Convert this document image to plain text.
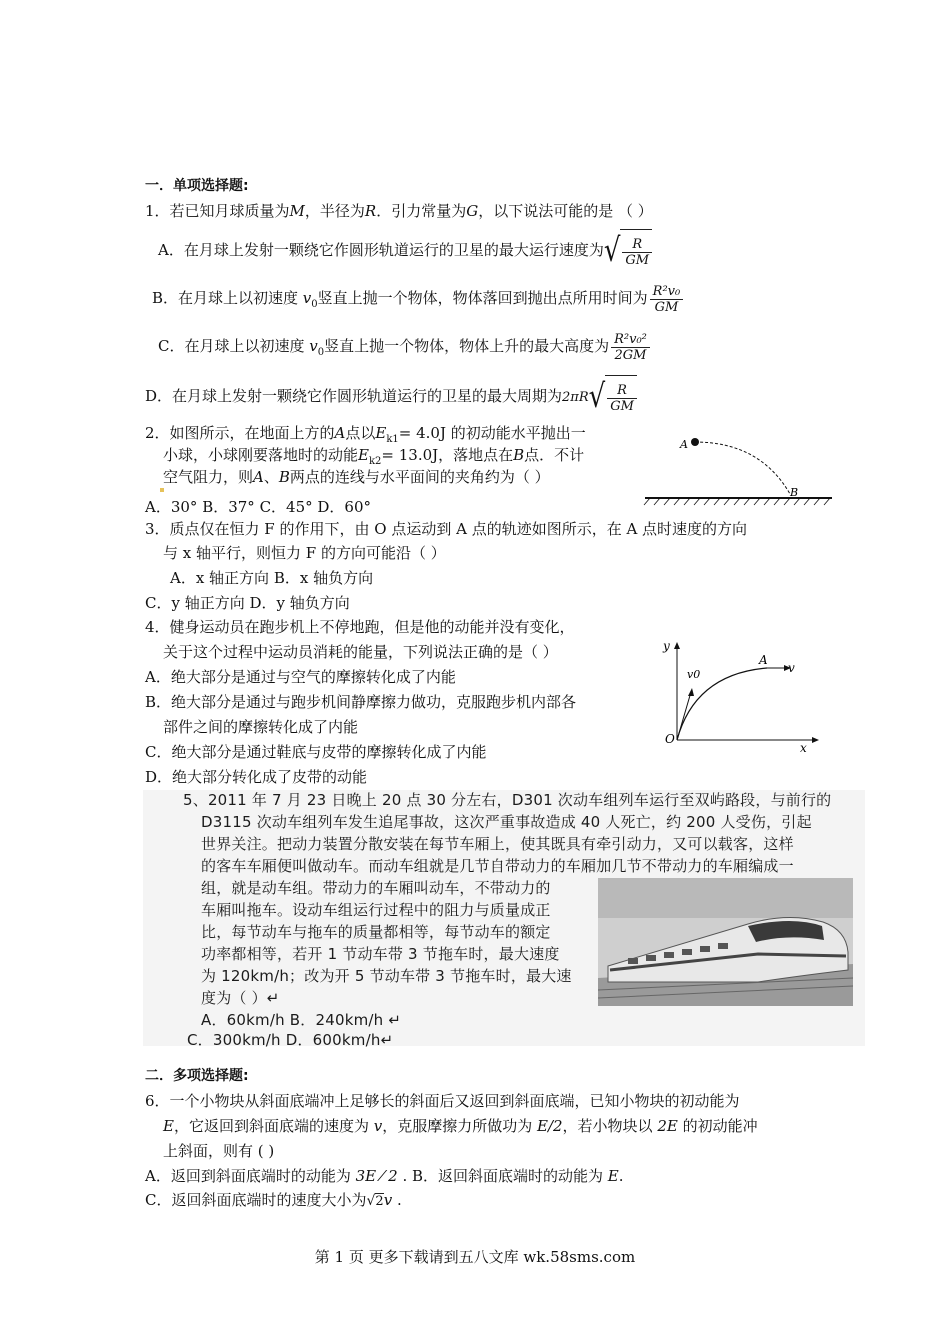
一．单项选择题:
1．若已知月球质量为M，半径为R．引力常量为G，以下说法可能的是 （ ）
A．在月球上发射一颗绕它作圆形轨道运行的卫星的最大运行速度为√ $\frac{R}{GM}$
B．在月球上以初速度 $v_0$竖直上抛一个物体，物体落回到抛出点所用时间为 $\frac{\text{R²v₀}}{GM}$
C．在月球上以初速度 $v_0$竖直上抛一个物体，物体上升的最大高度为 $\frac{\text{R²v₀²}}{2GM}$
D．在月球上发射一颗绕它作圆形轨道运行的卫星的最大周期为$2\pi R√ \frac{R}{GM}$
2．如图所示，在地面上方的A点以$E_{k1}= 4.0J$ 的初动能水平抛出一
小球，小球刚要落地时的动能$E_{k2}= 13.0J$，落地点在B点．不计
空气阻力，则A、B两点的连线与水平面间的夹角约为（ ）
A．30° B．37° C．45° D．60°
A
B
3．质点仅在恒力 F 的作用下，由 O 点运动到 A 点的轨迹如图所示，在 A 点时速度的方向
与 x 轴平行，则恒力 F 的方向可能沿（ ）
A．x 轴正方向 B．x 轴负方向
C．y 轴正方向 D．y 轴负方向
4．健身运动员在跑步机上不停地跑，但是他的动能并没有变化，
关于这个过程中运动员消耗的能量，下列说法正确的是（ ）
A．绝大部分是通过与空气的摩擦转化成了内能
B．绝大部分是通过与跑步机间静摩擦力做功，克服跑步机内部各
部件之间的摩擦转化成了内能
C．绝大部分是通过鞋底与皮带的摩擦转化成了内能
D．绝大部分转化成了皮带的动能
y
x
O
v0
A
v
5、2011 年 7 月 23 日晚上 20 点 30 分左右，D301 次动车组列车运行至双屿路段，与前行的
D3115 次动车组列车发生追尾事故，这次严重事故造成 40 人死亡，约 200 人受伤，引起
世界关注。把动力装置分散安装在每节车厢上，使其既具有牵引动力，又可以载客，这样
的客车车厢便叫做动车。而动车组就是几节自带动力的车厢加几节不带动力的车厢编成一
组，就是动车组。带动力的车厢叫动车，不带动力的
车厢叫拖车。设动车组运行过程中的阻力与质量成正
比，每节动车与拖车的质量都相等，每节动车的额定
功率都相等，若开 1 节动车带 3 节拖车时，最大速度
为 120km/h；改为开 5 节动车带 3 节拖车时，最大速
度为（ ）↵
A．60km/h B．240km/h ↵
C．300km/h D．600km/h↵
二．多项选择题:
6．一个小物块从斜面底端冲上足够长的斜面后又返回到斜面底端，已知小物块的初动能为
E，它返回到斜面底端的速度为 v，克服摩擦力所做功为 E/2，若小物块以 2E 的初动能冲
上斜面，则有 ( )
A．返回到斜面底端时的动能为 3E ⁄ 2 . B．返回斜面底端时的动能为 E.
C．返回斜面底端时的速度大小为√2v .
第 1 页 更多下载请到五八文库 wk.58sms.com
